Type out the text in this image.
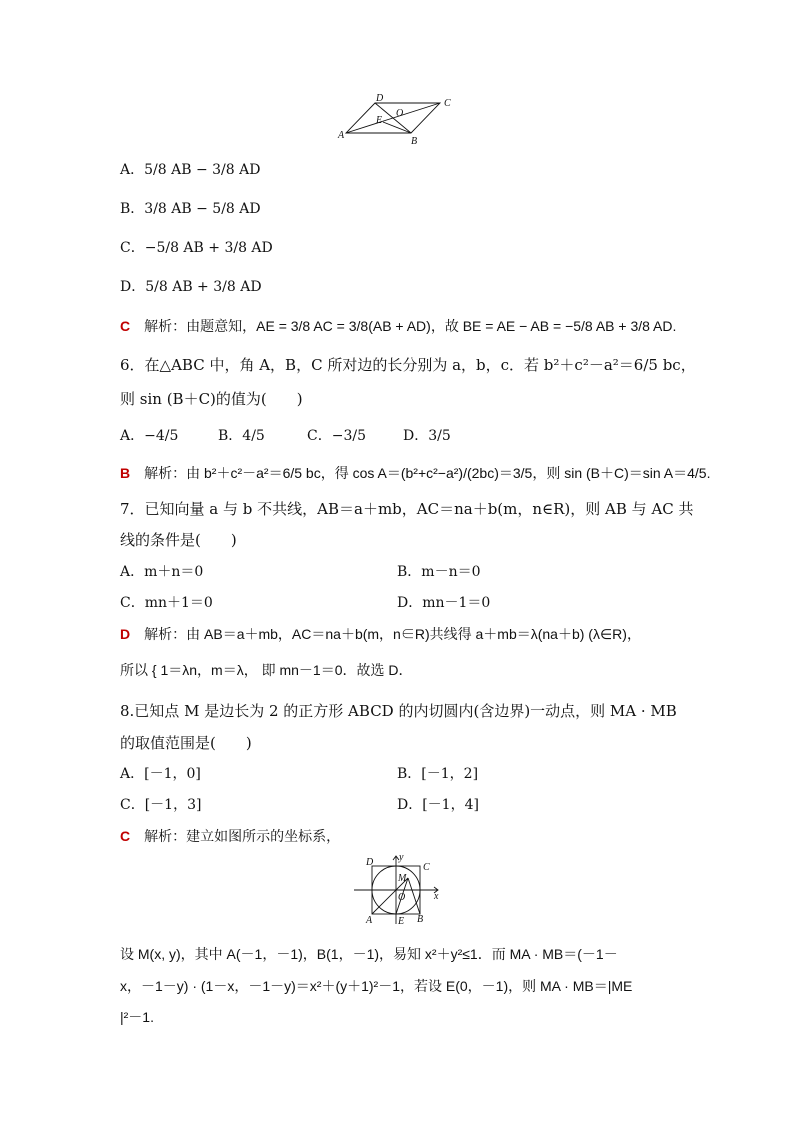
A
B
C
D
E
O
A．5/8 AB − 3/8 AD
B．3/8 AB − 5/8 AD
C．−5/8 AB + 3/8 AD
D．5/8 AB + 3/8 AD
C 解析：由题意知，AE = 3/8 AC = 3/8(AB + AD)，故 BE = AE − AB = −5/8 AB + 3/8 AD.
6．在△ABC 中，角 A，B，C 所对边的长分别为 a，b，c．若 b²＋c²－a²＝6/5 bc，
则 sin (B＋C)的值为(　　)
A．−4/5	B．4/5	C．−3/5	D．3/5
B 解析：由 b²＋c²－a²＝6/5 bc，得 cos A＝(b²+c²−a²)/(2bc)＝3/5，则 sin (B＋C)＝sin A＝4/5.
7．已知向量 a 与 b 不共线，AB＝a＋mb，AC＝na＋b(m，n∈R)，则 AB 与 AC 共
线的条件是(　　)
A．m＋n＝0	B．m－n＝0
C．mn＋1＝0	D．mn－1＝0
D 解析：由 AB＝a＋mb，AC＝na＋b(m，n∈R)共线得 a＋mb＝λ(na＋b) (λ∈R)，
所以 { 1＝λn，m＝λ， 即 mn－1＝0．故选 D．
8.已知点 M 是边长为 2 的正方形 ABCD 的内切圆内(含边界)一动点，则 MA · MB
的取值范围是(　　)
A．[－1，0]	B．[－1，2]
C．[－1，3]	D．[－1，4]
C 解析：建立如图所示的坐标系，
D	y
C
M
x
O
A	E B
设 M(x, y)，其中 A(－1，－1)，B(1，－1)，易知 x²＋y²≤1．而 MA · MB＝(－1－
x，－1－y) · (1－x，－1－y)＝x²＋(y＋1)²－1，若设 E(0，－1)，则 MA · MB＝|ME
|²－1.
